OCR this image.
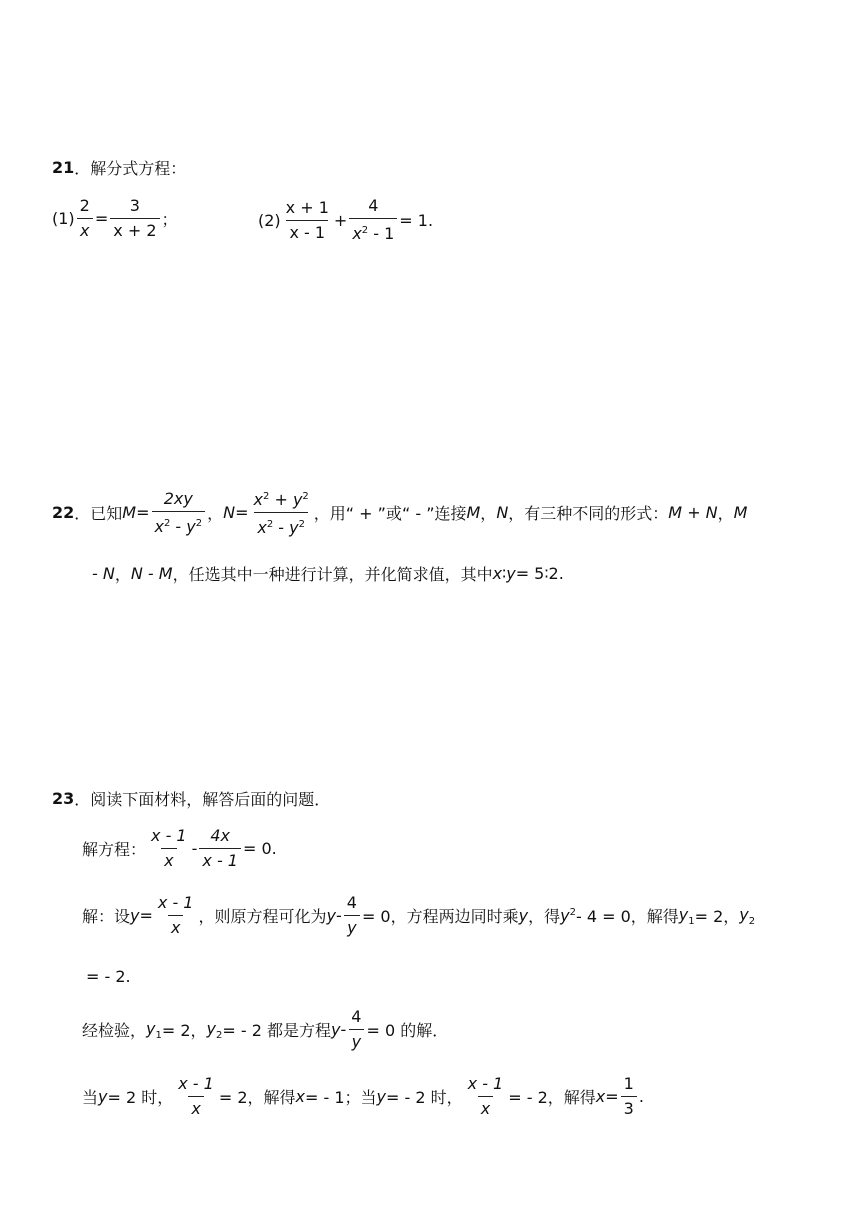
21 ．解分式方程：
$(1) \frac{2}{x} = \frac{3}{x + 2}$ ；	$(2) \frac{x + 1}{x - 1} + \frac{4}{x^2 - 1} = 1$.
22 ．已知 $M = \frac{2xy}{x^2 - y^2}$ ， $N = \frac{x^2 + y^2}{x^2 - y^2}$ ，用“ + ”或“ - ”连接 M ， N ，有三种不同的形式： M + N ， M
- N ， N - M ，任选其中一种进行计算，并化简求值，其中 x ∶ y = 5∶2.
23 ．阅读下面材料，解答后面的问题．
解方程： $\frac{x - 1}{x} - \frac{4x}{x - 1} = 0$.
解：设 $y = \frac{x - 1}{x}$ ，则原方程可化为 $y - \frac{4}{y} = 0$，方程两边同时乘 y ，得 $y^2 - 4 = 0$，解得 $y_1 = 2$， $y_2$
= - 2.
经检验， $y_1 = 2$， $y_2$ = - 2 都是方程 $y - \frac{4}{y} = 0$ 的解．
当 y = 2 时， $\frac{x - 1}{x} = 2$，解得 x = - 1；当 y = - 2 时， $\frac{x - 1}{x}$ = - 2，解得 $x = \frac{1}{3}$ .
